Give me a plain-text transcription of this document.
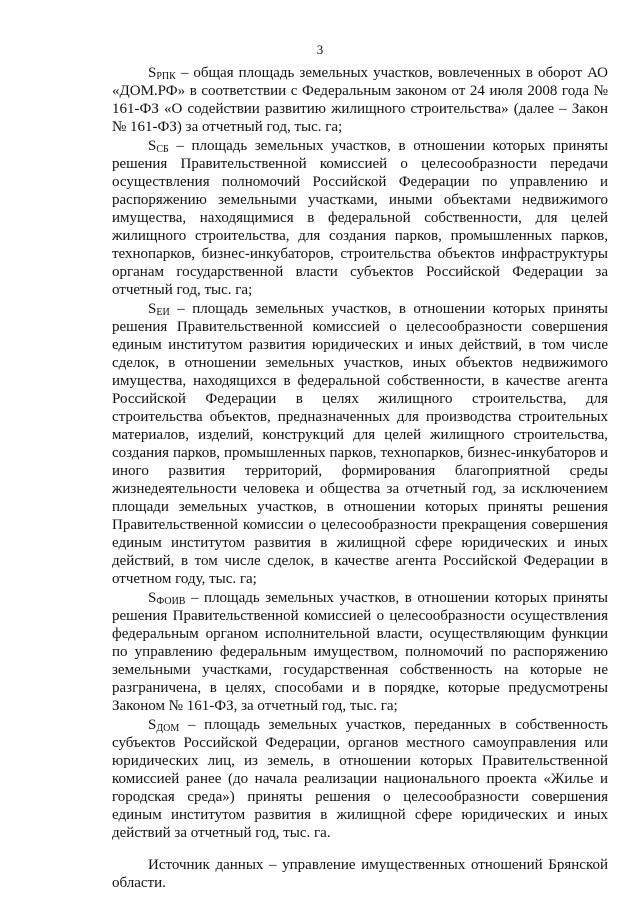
3

$S_{РПК}$ – общая площадь земельных участков, вовлеченных в оборот АО «ДОМ.РФ» в соответствии с Федеральным законом от 24 июля 2008 года № 161-ФЗ «О содействии развитию жилищного строительства» (далее – Закон № 161-ФЗ) за отчетный год, тыс. га;

$S_{СБ}$ – площадь земельных участков, в отношении которых приняты решения Правительственной комиссией о целесообразности передачи осуществления полномочий Российской Федерации по управлению и распоряжению земельными участками, иными объектами недвижимого имущества, находящимися в федеральной собственности, для целей жилищного строительства, для создания парков, промышленных парков, технопарков, бизнес-инкубаторов, строительства объектов инфраструктуры органам государственной власти субъектов Российской Федерации за отчетный год, тыс. га;

$S_{ЕИ}$ – площадь земельных участков, в отношении которых приняты решения Правительственной комиссией о целесообразности совершения единым институтом развития юридических и иных действий, в том числе сделок, в отношении земельных участков, иных объектов недвижимого имущества, находящихся в федеральной собственности, в качестве агента Российской Федерации в целях жилищного строительства, для строительства объектов, предназначенных для производства строительных материалов, изделий, конструкций для целей жилищного строительства, создания парков, промышленных парков, технопарков, бизнес-инкубаторов и иного развития территорий, формирования благоприятной среды жизнедеятельности человека и общества за отчетный год, за исключением площади земельных участков, в отношении которых приняты решения Правительственной комиссии о целесообразности прекращения совершения единым институтом развития в жилищной сфере юридических и иных действий, в том числе сделок, в качестве агента Российской Федерации в отчетном году, тыс. га;

$S_{ФОИВ}$ – площадь земельных участков, в отношении которых приняты решения Правительственной комиссией о целесообразности осуществления федеральным органом исполнительной власти, осуществляющим функции по управлению федеральным имуществом, полномочий по распоряжению земельными участками, государственная собственность на которые не разграничена, в целях, способами и в порядке, которые предусмотрены Законом № 161-ФЗ, за отчетный год, тыс. га;

$S_{ДОМ}$ – площадь земельных участков, переданных в собственность субъектов Российской Федерации, органов местного самоуправления или юридических лиц, из земель, в отношении которых Правительственной комиссией ранее (до начала реализации национального проекта «Жилье и городская среда») приняты решения о целесообразности совершения единым институтом развития в жилищной сфере юридических и иных действий за отчетный год, тыс. га.

Источник данных – управление имущественных отношений Брянской области.
